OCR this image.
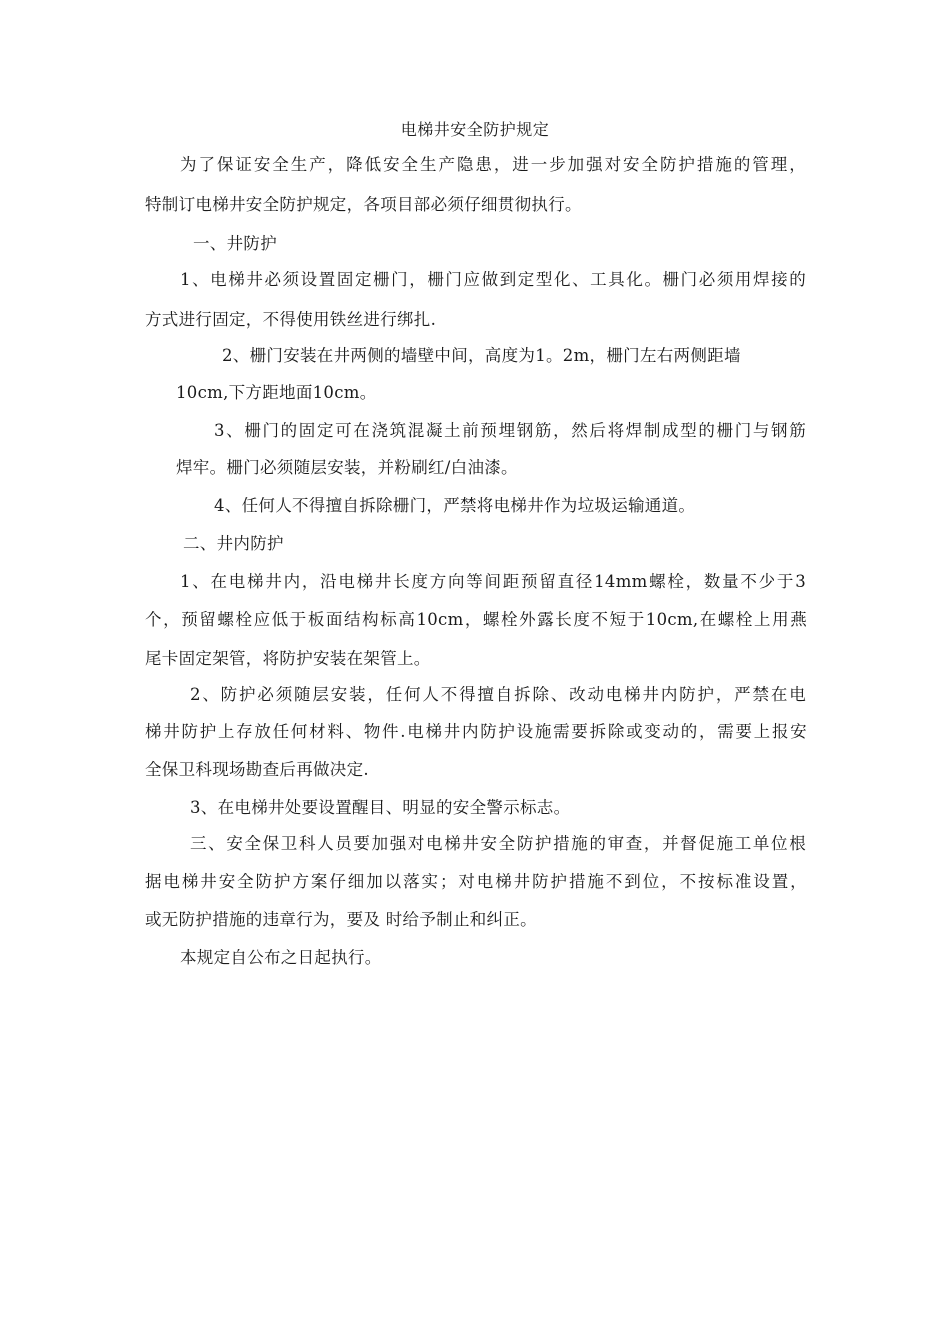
电梯井安全防护规定
为了保证安全生产，降低安全生产隐患，进一步加强对安全防护措施的管理，
特制订电梯井安全防护规定，各项目部必须仔细贯彻执行。
一、井防护
1、电梯井必须设置固定栅门，栅门应做到定型化、工具化。栅门必须用焊接的
方式进行固定，不得使用铁丝进行绑扎.
2、栅门安装在井两侧的墙壁中间，高度为1。2m，栅门左右两侧距墙
10cm,下方距地面10cm。
3、栅门的固定可在浇筑混凝土前预埋钢筋，然后将焊制成型的栅门与钢筋
焊牢。栅门必须随层安装，并粉刷红/白油漆。
4、任何人不得擅自拆除栅门，严禁将电梯井作为垃圾运输通道。
二、井内防护
1、在电梯井内，沿电梯井长度方向等间距预留直径14mm螺栓，数量不少于3
个，预留螺栓应低于板面结构标高10cm，螺栓外露长度不短于10cm,在螺栓上用燕
尾卡固定架管，将防护安装在架管上。
2、防护必须随层安装，任何人不得擅自拆除、改动电梯井内防护，严禁在电
梯井防护上存放任何材料、物件.电梯井内防护设施需要拆除或变动的，需要上报安
全保卫科现场勘查后再做决定.
3、在电梯井处要设置醒目、明显的安全警示标志。
三、安全保卫科人员要加强对电梯井安全防护措施的审查，并督促施工单位根
据电梯井安全防护方案仔细加以落实；对电梯井防护措施不到位，不按标准设置，
或无防护措施的违章行为，要及 时给予制止和纠正。
本规定自公布之日起执行。
